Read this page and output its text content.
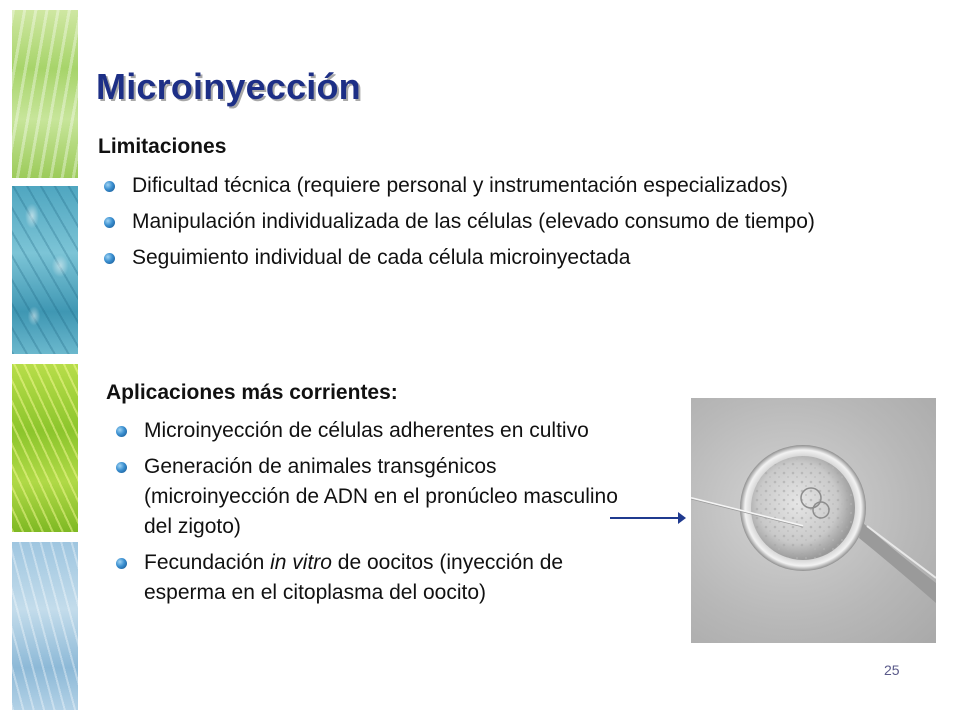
Microinyección
Limitaciones
Dificultad técnica (requiere personal y instrumentación especializados)
Manipulación individualizada de las células (elevado consumo de tiempo)
Seguimiento individual de cada célula microinyectada
Aplicaciones más corrientes:
Microinyección de células adherentes en cultivo
Generación de animales transgénicos (microinyección de ADN en el pronúcleo masculino del zigoto)
Fecundación in vitro de oocitos (inyección de esperma en el citoplasma del oocito)
25
